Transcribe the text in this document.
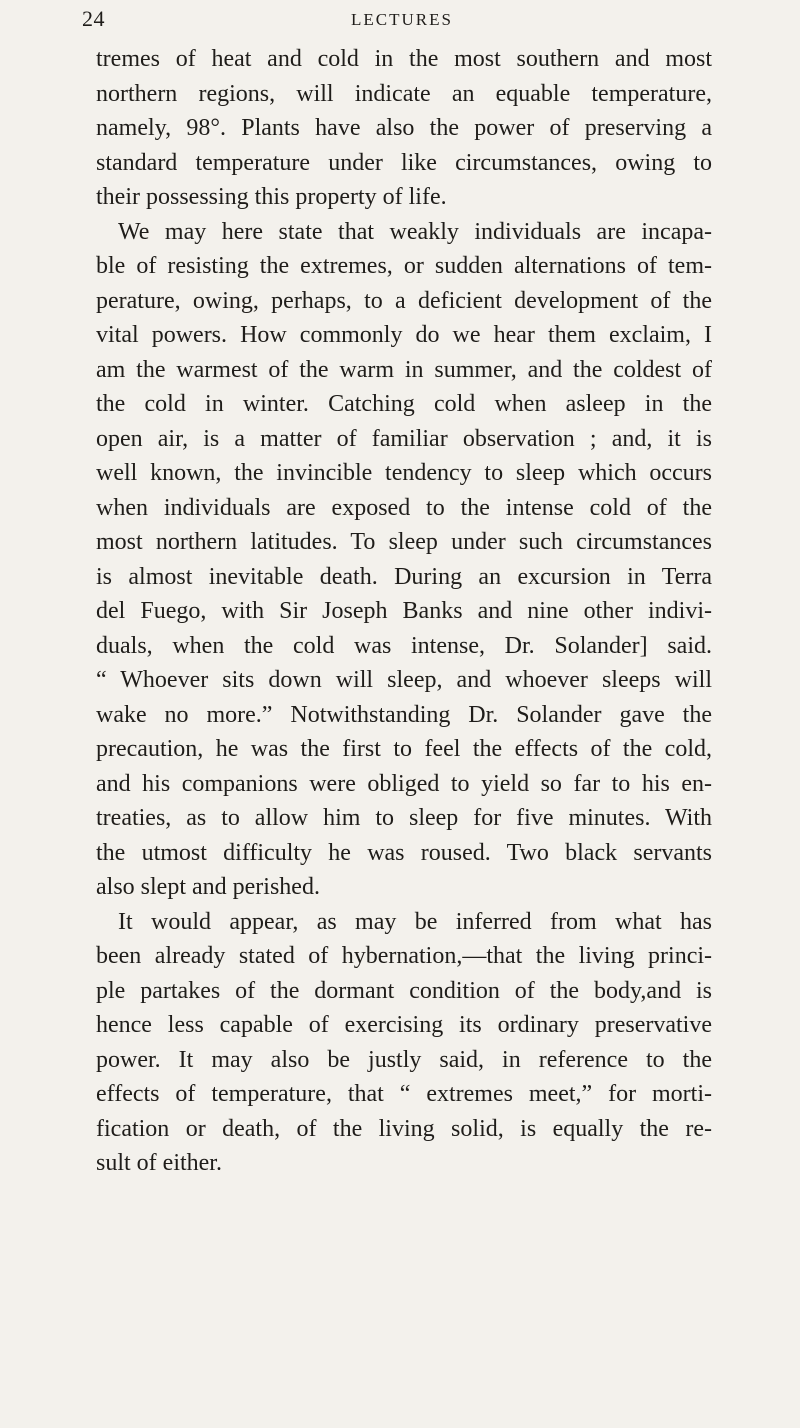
24	LECTURES
tremes of heat and cold in the most southern and most
northern regions, will indicate an equable temperature,
namely, 98°. Plants have also the power of preserving a
standard temperature under like circumstances, owing to
their possessing this property of life.
We may here state that weakly individuals are incapa-
ble of resisting the extremes, or sudden alternations of tem-
perature, owing, perhaps, to a deficient development of the
vital powers. How commonly do we hear them exclaim, I
am the warmest of the warm in summer, and the coldest of
the cold in winter. Catching cold when asleep in the
open air, is a matter of familiar observation ; and, it is
well known, the invincible tendency to sleep which occurs
when individuals are exposed to the intense cold of the
most northern latitudes. To sleep under such circumstances
is almost inevitable death. During an excursion in Terra
del Fuego, with Sir Joseph Banks and nine other indivi-
duals, when the cold was intense, Dr. Solander] said.
“ Whoever sits down will sleep, and whoever sleeps will
wake no more.” Notwithstanding Dr. Solander gave the
precaution, he was the first to feel the effects of the cold,
and his companions were obliged to yield so far to his en-
treaties, as to allow him to sleep for five minutes. With
the utmost difficulty he was roused. Two black servants
also slept and perished.
It would appear, as may be inferred from what has
been already stated of hybernation,—that the living princi-
ple partakes of the dormant condition of the body,and is
hence less capable of exercising its ordinary preservative
power. It may also be justly said, in reference to the
effects of temperature, that “ extremes meet,” for morti-
fication or death, of the living solid, is equally the re-
sult of either.
